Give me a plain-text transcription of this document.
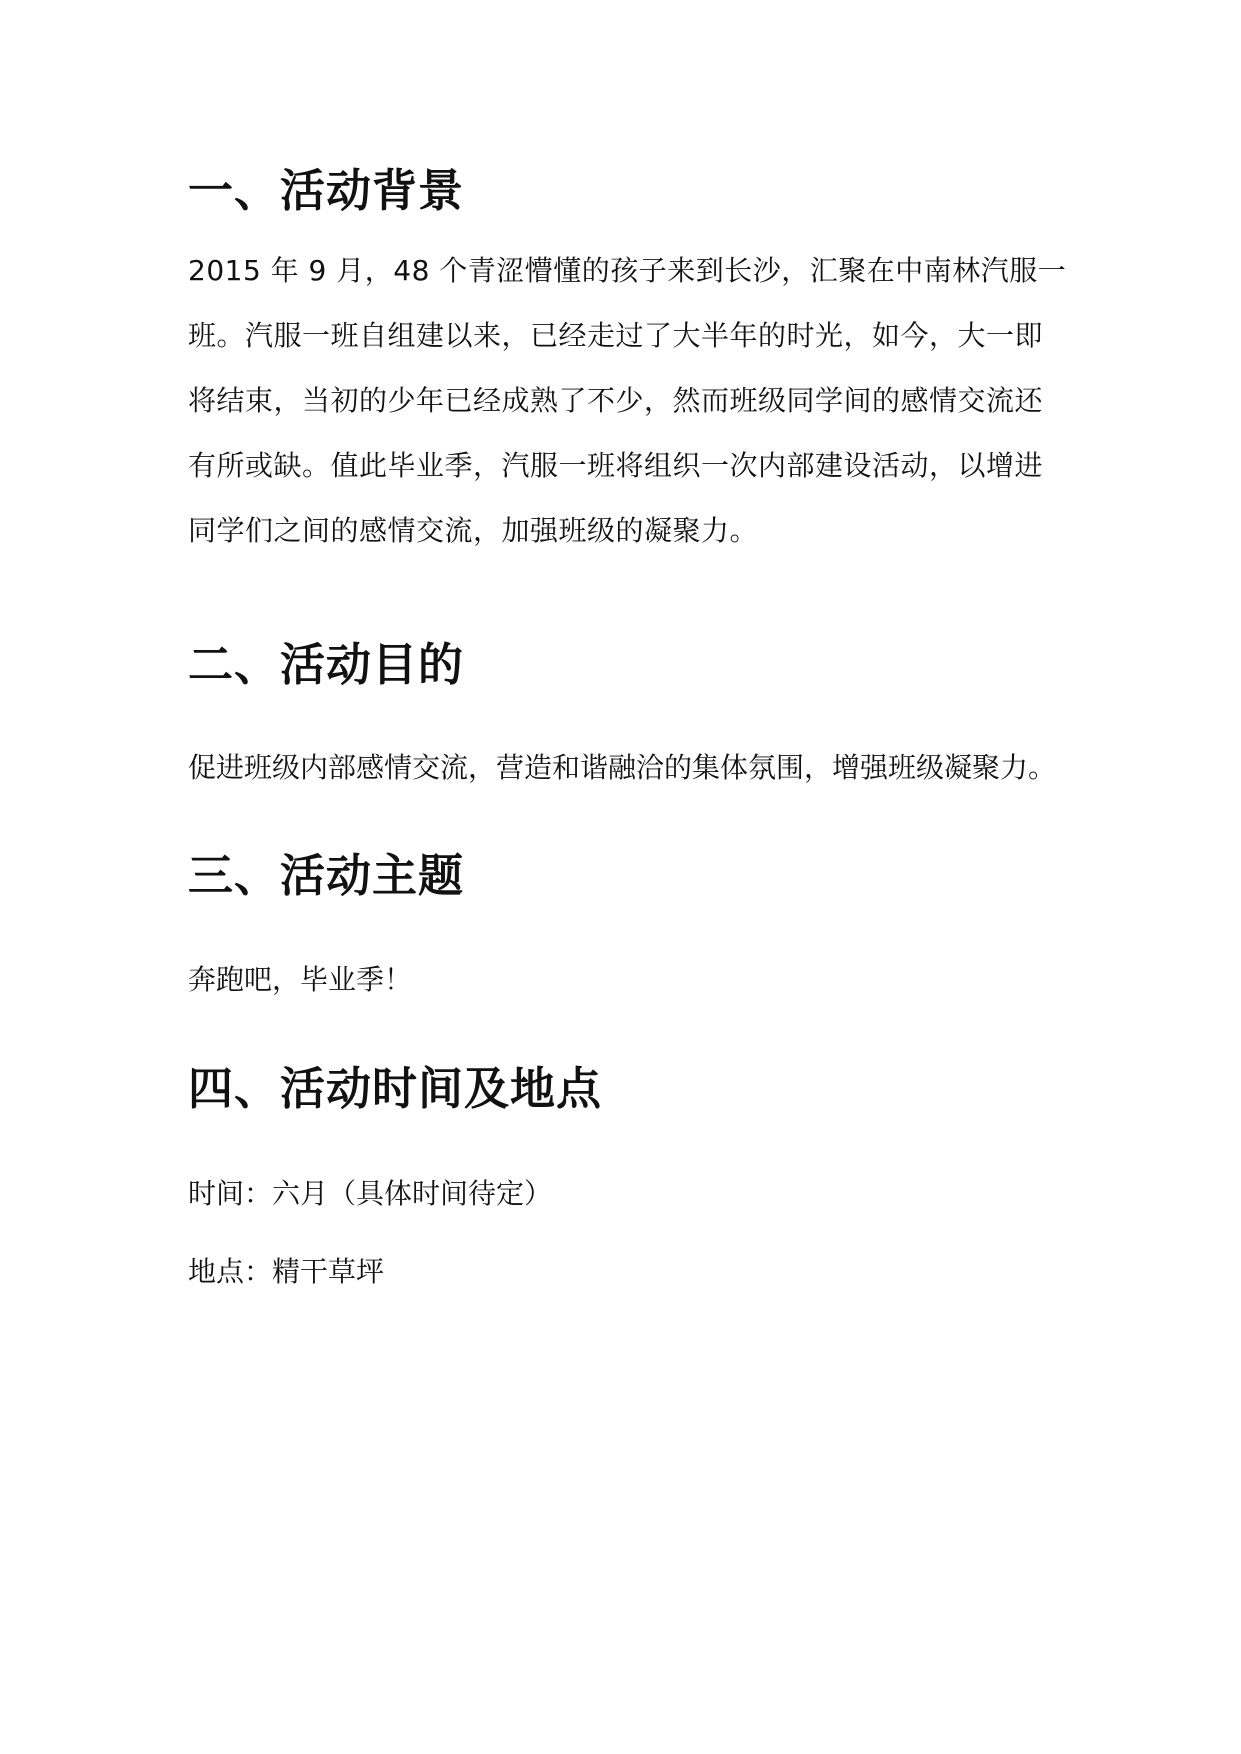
一、活动背景

2015 年 9 月，48 个青涩懵懂的孩子来到长沙，汇聚在中南林汽服一班。汽服一班自组建以来，已经走过了大半年的时光，如今，大一即将结束，当初的少年已经成熟了不少，然而班级同学间的感情交流还有所或缺。值此毕业季，汽服一班将组织一次内部建设活动，以增进同学们之间的感情交流，加强班级的凝聚力。

二、活动目的

促进班级内部感情交流，营造和谐融洽的集体氛围，增强班级凝聚力。

三、活动主题

奔跑吧，毕业季！

四、活动时间及地点

时间：六月（具体时间待定）

地点：精干草坪
